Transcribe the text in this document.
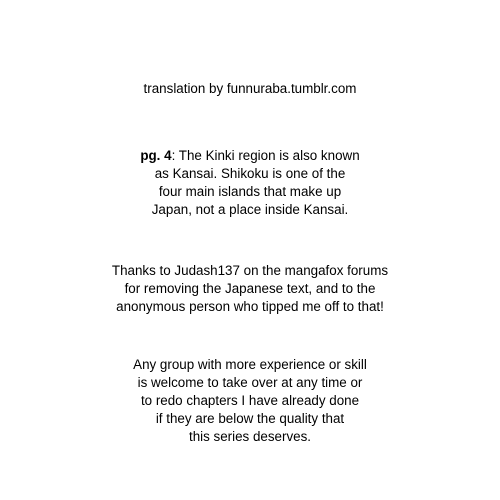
translation by funnuraba.tumblr.com
pg. 4: The Kinki region is also known
as Kansai. Shikoku is one of the
four main islands that make up
Japan, not a place inside Kansai.
Thanks to Judash137 on the mangafox forums
for removing the Japanese text, and to the
anonymous person who tipped me off to that!
Any group with more experience or skill
is welcome to take over at any time or
to redo chapters I have already done
if they are below the quality that
this series deserves.
